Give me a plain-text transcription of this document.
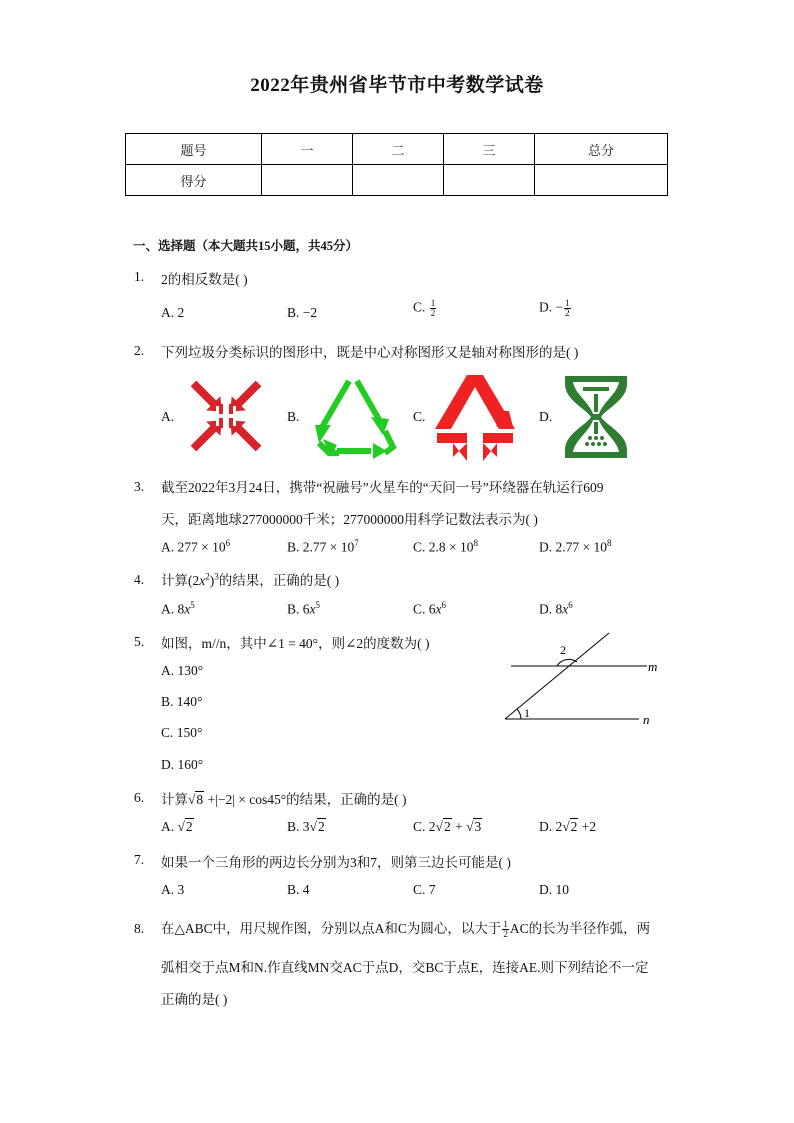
2022年贵州省毕节市中考数学试卷
题号	一	二	三	总分
得分				
一、选择题（本大题共15小题，共45分）
1.	2的相反数是( )
A. 2	B. −2	C. $\frac{1}{2}$	D. − $\frac{1}{2}$
2.	下列垃圾分类标识的图形中，既是中心对称图形又是轴对称图形的是( )
A.	B.	C.	D.
3.	截至2022年3月24日，携带“祝融号”火星车的“天问一号”环绕器在轨运行609
天，距离地球277000000千米；277000000用科学记数法表示为( )
A. $277 \times 10^6$	B. $2.77 \times 10^7$	C. $2.8 \times 10^8$	D. $2.77 \times 10^8$
4.	计算$(2x^2)^3$的结果，正确的是( )
A. $8x^5$	B. $6x^5$	C. $6x^6$	D. $8x^6$
5.	如图，m//n，其中∠1 = 40°，则∠2的度数为( )
A. 130°
B. 140°
C. 150°
D. 160°
m
n
1
2
6.	计算√8 +|−2| × cos45°的结果，正确的是( )
A. √2	B. 3√2	C. 2√2 + √3	D. 2√2 +2
7.	如果一个三角形的两边长分别为3和7，则第三边长可能是( )
A. 3	B. 4	C. 7	D. 10
8.	在△ABC中，用尺规作图，分别以点A和C为圆心，以大于 $\frac{1}{2}$ AC的长为半径作弧，两
弧相交于点M和N.作直线MN交AC于点D，交BC于点E，连接AE.则下列结论不一定
正确的是( )
